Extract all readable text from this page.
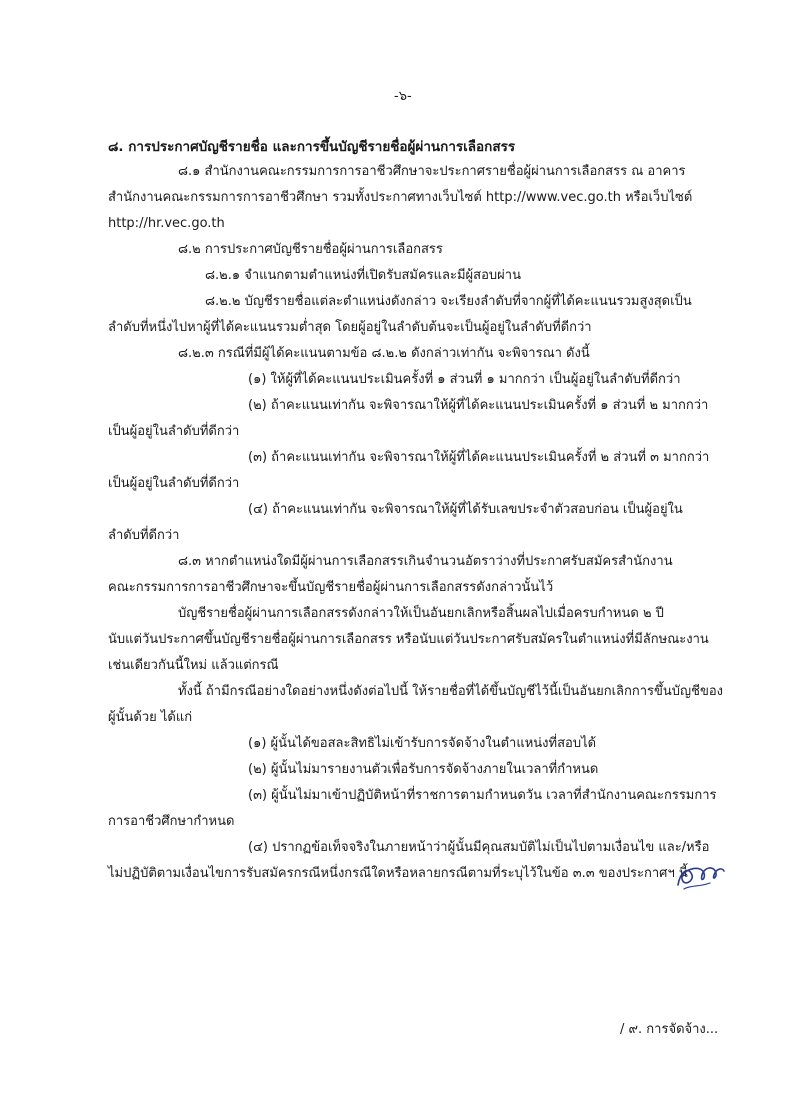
-๖-
๘. การประกาศบัญชีรายชื่อ และการขึ้นบัญชีรายชื่อผู้ผ่านการเลือกสรร
๘.๑ สำนักงานคณะกรรมการการอาชีวศึกษาจะประกาศรายชื่อผู้ผ่านการเลือกสรร ณ อาคาร
สำนักงานคณะกรรมการการอาชีวศึกษา รวมทั้งประกาศทางเว็บไซต์ http://www.vec.go.th หรือเว็บไซต์
http://hr.vec.go.th
๘.๒ การประกาศบัญชีรายชื่อผู้ผ่านการเลือกสรร
๘.๒.๑ จำแนกตามตำแหน่งที่เปิดรับสมัครและมีผู้สอบผ่าน
๘.๒.๒ บัญชีรายชื่อแต่ละตำแหน่งดังกล่าว จะเรียงลำดับที่จากผู้ที่ได้คะแนนรวมสูงสุดเป็น
ลำดับที่หนึ่งไปหาผู้ที่ได้คะแนนรวมต่ำสุด โดยผู้อยู่ในลำดับต้นจะเป็นผู้อยู่ในลำดับที่ดีกว่า
๘.๒.๓ กรณีที่มีผู้ได้คะแนนตามข้อ ๘.๒.๒ ดังกล่าวเท่ากัน จะพิจารณา ดังนี้
(๑) ให้ผู้ที่ได้คะแนนประเมินครั้งที่ ๑ ส่วนที่ ๑ มากกว่า เป็นผู้อยู่ในลำดับที่ดีกว่า
(๒) ถ้าคะแนนเท่ากัน จะพิจารณาให้ผู้ที่ได้คะแนนประเมินครั้งที่ ๑ ส่วนที่ ๒ มากกว่า
เป็นผู้อยู่ในลำดับที่ดีกว่า
(๓) ถ้าคะแนนเท่ากัน จะพิจารณาให้ผู้ที่ได้คะแนนประเมินครั้งที่ ๒ ส่วนที่ ๓ มากกว่า
เป็นผู้อยู่ในลำดับที่ดีกว่า
(๔) ถ้าคะแนนเท่ากัน จะพิจารณาให้ผู้ที่ได้รับเลขประจำตัวสอบก่อน เป็นผู้อยู่ใน
ลำดับที่ดีกว่า
๘.๓ หากตำแหน่งใดมีผู้ผ่านการเลือกสรรเกินจำนวนอัตราว่างที่ประกาศรับสมัครสำนักงาน
คณะกรรมการการอาชีวศึกษาจะขึ้นบัญชีรายชื่อผู้ผ่านการเลือกสรรดังกล่าวนั้นไว้
บัญชีรายชื่อผู้ผ่านการเลือกสรรดังกล่าวให้เป็นอันยกเลิกหรือสิ้นผลไปเมื่อครบกำหนด ๒ ปี
นับแต่วันประกาศขึ้นบัญชีรายชื่อผู้ผ่านการเลือกสรร หรือนับแต่วันประกาศรับสมัครในตำแหน่งที่มีลักษณะงาน
เช่นเดียวกันนี้ใหม่ แล้วแต่กรณี
ทั้งนี้ ถ้ามีกรณีอย่างใดอย่างหนึ่งดังต่อไปนี้ ให้รายชื่อที่ได้ขึ้นบัญชีไว้นี้เป็นอันยกเลิกการขึ้นบัญชีของ
ผู้นั้นด้วย ได้แก่
(๑) ผู้นั้นได้ขอสละสิทธิไม่เข้ารับการจัดจ้างในตำแหน่งที่สอบได้
(๒) ผู้นั้นไม่มารายงานตัวเพื่อรับการจัดจ้างภายในเวลาที่กำหนด
(๓) ผู้นั้นไม่มาเข้าปฏิบัติหน้าที่ราชการตามกำหนดวัน เวลาที่สำนักงานคณะกรรมการ
การอาชีวศึกษากำหนด
(๔) ปรากฏข้อเท็จจริงในภายหน้าว่าผู้นั้นมีคุณสมบัติไม่เป็นไปตามเงื่อนไข และ/หรือ
ไม่ปฏิบัติตามเงื่อนไขการรับสมัครกรณีหนึ่งกรณีใดหรือหลายกรณีตามที่ระบุไว้ในข้อ ๓.๓ ของประกาศฯ นี้
/ ๙. การจัดจ้าง...
